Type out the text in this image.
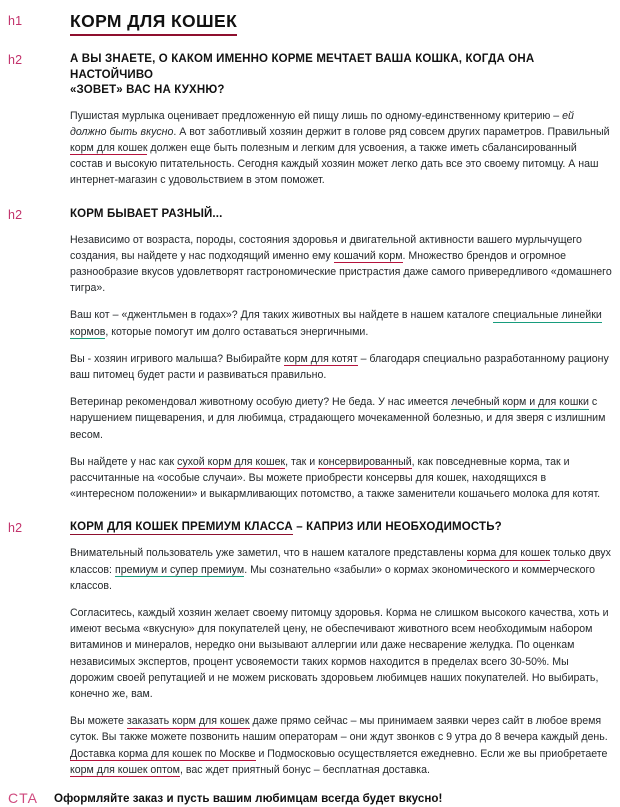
h1	КОРМ ДЛЯ КОШЕК
h2	А ВЫ ЗНАЕТЕ, О КАКОМ ИМЕННО КОРМЕ МЕЧТАЕТ ВАША КОШКА, КОГДА ОНА НАСТОЙЧИВО
«ЗОВЕТ» ВАС НА КУХНЮ?

Пушистая мурлыка оценивает предложенную ей пищу лишь по одному-единственному критерию – ей должно быть вкусно. А вот заботливый хозяин держит в голове ряд совсем других параметров. Правильный корм для кошек должен еще быть полезным и легким для усвоения, а также иметь сбалансированный состав и высокую питательность. Сегодня каждый хозяин может легко дать все это своему питомцу. А наш интернет-магазин с удовольствием в этом поможет.

h2	КОРМ БЫВАЕТ РАЗНЫЙ...

Независимо от возраста, породы, состояния здоровья и двигательной активности вашего мурлычущего создания, вы найдете у нас подходящий именно ему кошачий корм. Множество брендов и огромное разнообразие вкусов удовлетворят гастрономические пристрастия даже самого привередливого «домашнего тигра».

Ваш кот – «джентльмен в годах»? Для таких животных вы найдете в нашем каталоге специальные линейки кормов, которые помогут им долго оставаться энергичными.

Вы - хозяин игривого малыша? Выбирайте корм для котят – благодаря специально разработанному рациону ваш питомец будет расти и развиваться правильно.

Ветеринар рекомендовал животному особую диету? Не беда. У нас имеется лечебный корм и для кошки с нарушением пищеварения, и для любимца, страдающего мочекаменной болезнью, и для зверя с излишним весом.

Вы найдете у нас как сухой корм для кошек, так и консервированный, как повседневные корма, так и рассчитанные на «особые случаи». Вы можете приобрести консервы для кошек, находящихся в «интересном положении» и выкармливающих потомство, а также заменители кошачьего молока для котят.

h2	КОРМ ДЛЯ КОШЕК ПРЕМИУМ КЛАССА – КАПРИЗ ИЛИ НЕОБХОДИМОСТЬ?

Внимательный пользователь уже заметил, что в нашем каталоге представлены корма для кошек только двух классов: премиум и супер премиум. Мы сознательно «забыли» о кормах экономического и коммерческого классов.

Согласитесь, каждый хозяин желает своему питомцу здоровья. Корма не слишком высокого качества, хоть и имеют весьма «вкусную» для покупателей цену, не обеспечивают животного всем необходимым набором витаминов и минералов, нередко они вызывают аллергии или даже несварение желудка. По оценкам независимых экспертов, процент усвояемости таких кормов находится в пределах всего 30-50%. Мы дорожим своей репутацией и не можем рисковать здоровьем любимцев наших покупателей. Но выбирать, конечно же, вам.

Вы можете заказать корм для кошек даже прямо сейчас – мы принимаем заявки через сайт в любое время суток. Вы также можете позвонить нашим операторам – они ждут звонков с 9 утра до 8 вечера каждый день. Доставка корма для кошек по Москве и Подмосковью осуществляется ежедневно. Если же вы приобретаете корм для кошек оптом, вас ждет приятный бонус – бесплатная доставка.

CTA	Оформляйте заказ и пусть вашим любимцам всегда будет вкусно!
